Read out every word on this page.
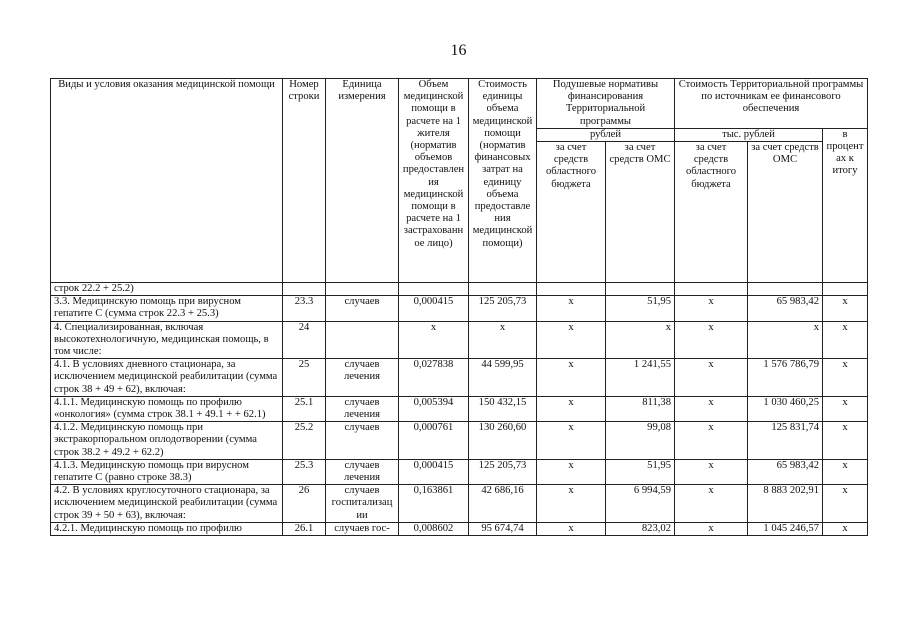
16
Виды и условия оказания медицинской помощи	Номер строки	Единица измерения	Объем медицинской помощи в расчете на 1 жителя (норматив объемов предоставления медицинской помощи в расчете на 1 застрахованное лицо)	Стоимость единицы объема медицинской помощи (норматив финансовых затрат на единицу объема предоставления медицинской помощи)	Подушевые нормативы финансирования Территориальной программы		Стоимость Территориальной программы по источникам ее финансового обеспечения		
					рублей		тыс. рублей		в процентах к итогу
					за счет средств областного бюджета	за счет средств ОМС	за счет средств областного бюджета	за счет средств ОМС	
строк 22.2 + 25.2)									
3.3. Медицинскую помощь при вирусном гепатите С (сумма строк 22.3 + 25.3)	23.3	случаев	0,000415	125 205,73	х	51,95	х	65 983,42	х
4. Специализированная, включая высокотехнологичную, медицинская помощь, в том числе:	24		х	х	х	х	х	х	х
4.1. В условиях дневного стационара, за исключением медицинской реабилитации (сумма строк 38 + 49 + 62), включая:	25	случаев лечения	0,027838	44 599,95	х	1 241,55	х	1 576 786,79	х
4.1.1. Медицинскую помощь по профилю «онкология» (сумма строк 38.1 + 49.1 + + 62.1)	25.1	случаев лечения	0,005394	150 432,15	х	811,38	х	1 030 460,25	х
4.1.2. Медицинскую помощь при экстракорпоральном оплодотворении (сумма строк 38.2 + 49.2 + 62.2)	25.2	случаев	0,000761	130 260,60	х	99,08	х	125 831,74	х
4.1.3. Медицинскую помощь при вирусном гепатите С (равно строке 38.3)	25.3	случаев лечения	0,000415	125 205,73	х	51,95	х	65 983,42	х
4.2. В условиях круглосуточного стационара, за исключением медицинской реабилитации (сумма строк 39 + 50 + 63), включая:	26	случаев госпитализации	0,163861	42 686,16	х	6 994,59	х	8 883 202,91	х
4.2.1. Медицинскую помощь по профилю	26.1	случаев гос-	0,008602	95 674,74	х	823,02	х	1 045 246,57	х
